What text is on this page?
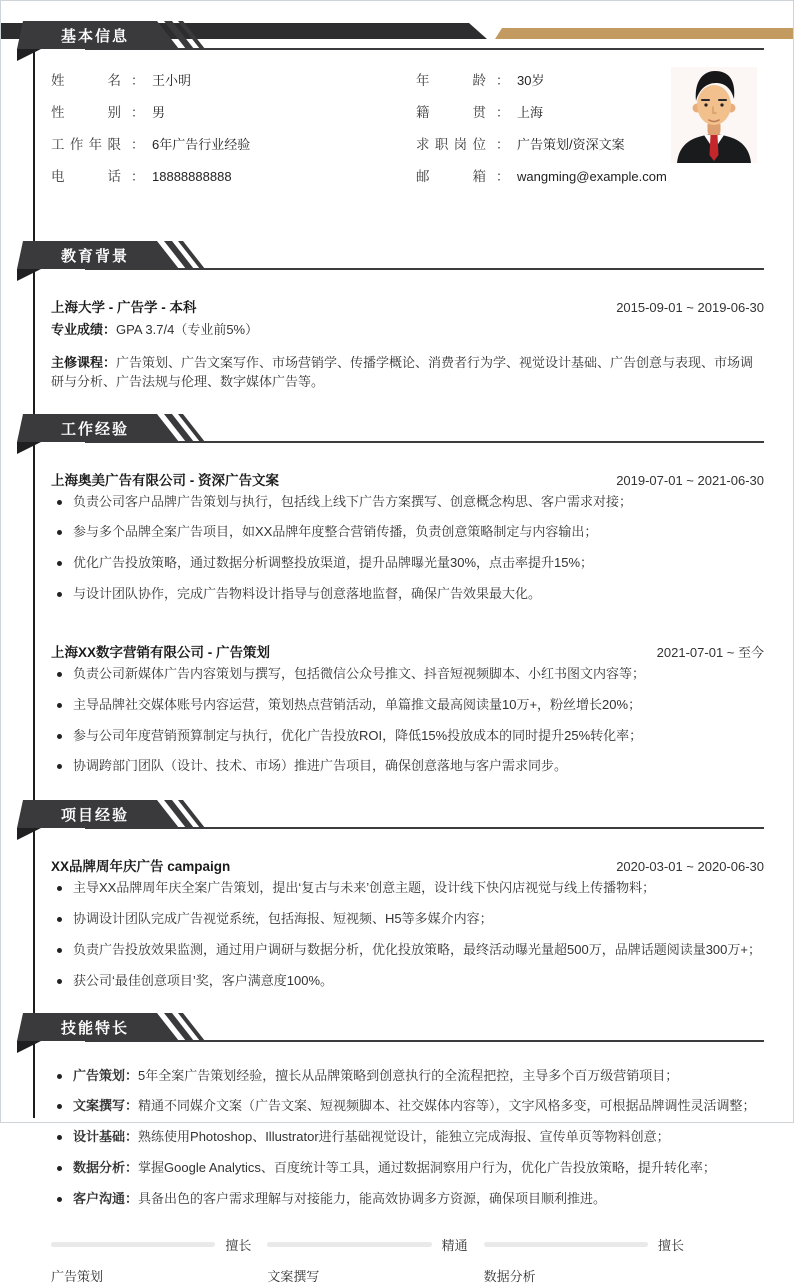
基本信息
姓名 ： 王小明
性别 ： 男
工作年限 ： 6年广告行业经验
电话 ： 18888888888
年龄 ： 30岁
籍贯 ： 上海
求职岗位 ： 广告策划/资深文案
邮箱 ： wangming@example.com
教育背景
上海大学 - 广告学 - 本科	2015-09-01 ~ 2019-06-30

专业成绩：GPA 3.7/4（专业前5%）

主修课程：广告策划、广告文案写作、市场营销学、传播学概论、消费者行为学、视觉设计基础、广告创意与表现、市场调研与分析、广告法规与伦理、数字媒体广告等。

工作经验
上海奥美广告有限公司 - 资深广告文案	2019-07-01 ~ 2021-06-30
负责公司客户品牌广告策划与执行，包括线上线下广告方案撰写、创意概念构思、客户需求对接；
参与多个品牌全案广告项目，如XX品牌年度整合营销传播，负责创意策略制定与内容输出；
优化广告投放策略，通过数据分析调整投放渠道，提升品牌曝光量30%，点击率提升15%；
与设计团队协作，完成广告物料设计指导与创意落地监督，确保广告效果最大化。
上海XX数字营销有限公司 - 广告策划	2021-07-01 ~ 至今
负责公司新媒体广告内容策划与撰写，包括微信公众号推文、抖音短视频脚本、小红书图文内容等；
主导品牌社交媒体账号内容运营，策划热点营销活动，单篇推文最高阅读量10万+，粉丝增长20%；
参与公司年度营销预算制定与执行，优化广告投放ROI，降低15%投放成本的同时提升25%转化率；
协调跨部门团队（设计、技术、市场）推进广告项目，确保创意落地与客户需求同步。
项目经验
XX品牌周年庆广告 campaign	2020-03-01 ~ 2020-06-30
主导XX品牌周年庆全案广告策划，提出‘复古与未来’创意主题，设计线下快闪店视觉与线上传播物料；
协调设计团队完成广告视觉系统，包括海报、短视频、H5等多媒介内容；
负责广告投放效果监测，通过用户调研与数据分析，优化投放策略，最终活动曝光量超500万，品牌话题阅读量300万+；
获公司‘最佳创意项目’奖，客户满意度100%。
技能特长
广告策划：5年全案广告策划经验，擅长从品牌策略到创意执行的全流程把控，主导多个百万级营销项目；
文案撰写：精通不同媒介文案（广告文案、短视频脚本、社交媒体内容等），文字风格多变，可根据品牌调性灵活调整；
设计基础：熟练使用Photoshop、Illustrator进行基础视觉设计，能独立完成海报、宣传单页等物料创意；
数据分析：掌握Google Analytics、百度统计等工具，通过数据洞察用户行为，优化广告投放策略，提升转化率；
客户沟通：具备出色的客户需求理解与对接能力，能高效协调多方资源，确保项目顺利推进。
擅长
广告策划
精通
文案撰写
擅长
数据分析
